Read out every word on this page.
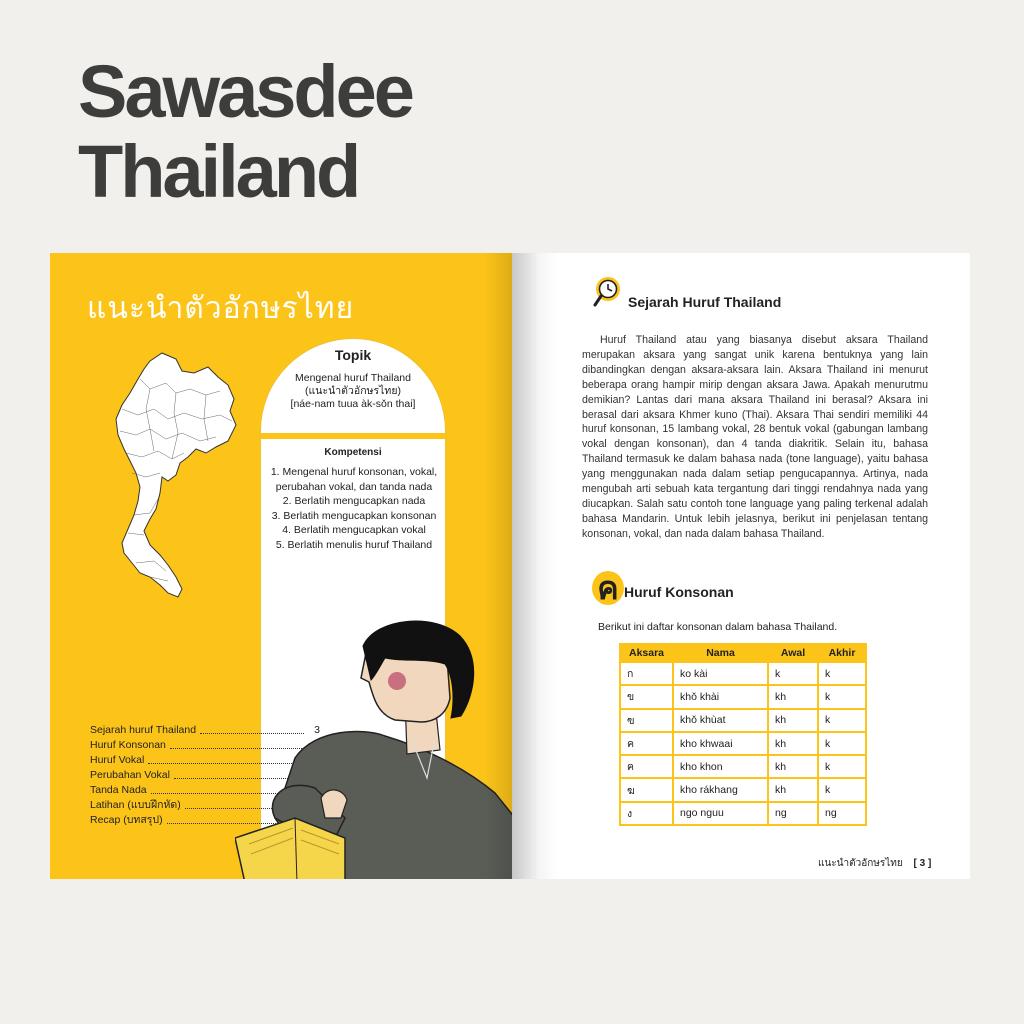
Sawasdee
Thailand
แนะนำตัวอักษรไทย
Topik
Mengenal huruf Thailand
(แนะนำตัวอักษรไทย)
[náe-nam tuua àk-sǒn thai]
Kompetensi
1. Mengenal huruf konsonan, vokal, perubahan vokal, dan tanda nada
2. Berlatih mengucapkan nada
3. Berlatih mengucapkan konsonan
4. Berlatih mengucapkan vokal
5. Berlatih menulis huruf Thailand
Sejarah huruf Thailand	3
Huruf Konsonan
Huruf Vokal
Perubahan Vokal
Tanda Nada
Latihan (แบบฝึกหัด)
Recap (บทสรุป)
Sejarah Huruf Thailand

Huruf Thailand atau yang biasanya disebut aksara Thailand merupakan aksara yang sangat unik karena bentuknya yang lain dibandingkan dengan aksara-aksara lain. Aksara Thailand ini menurut beberapa orang hampir mirip dengan aksara Jawa. Apakah menurutmu demikian? Lantas dari mana aksara Thailand ini berasal? Aksara ini berasal dari aksara Khmer kuno (Thai). Aksara Thai sendiri memiliki 44 huruf konsonan, 15 lambang vokal, 28 bentuk vokal (gabungan lambang vokal dengan konsonan), dan 4 tanda diakritik. Selain itu, bahasa Thailand termasuk ke dalam bahasa nada (tone language), yaitu bahasa yang menggunakan nada dalam setiap pengucapannya. Artinya, nada mengubah arti sebuah kata tergantung dari tinggi rendahnya nada yang diucapkan. Salah satu contoh tone language yang paling terkenal adalah bahasa Mandarin. Untuk lebih jelasnya, berikut ini penjelasan tentang konsonan, vokal, dan nada dalam bahasa Thailand.

ค Huruf Konsonan
Berikut ini daftar konsonan dalam bahasa Thailand.
Aksara	Nama	Awal	Akhir
ก	ko kài	k	k
ข	khǒ khài	kh	k
ฃ	khǒ khùat	kh	k
ค	kho khwaai	kh	k
ฅ	kho khon	kh	k
ฆ	kho rákhang	kh	k
ง	ngo nguu	ng	ng
แนะนำตัวอักษรไทย [ 3 ]
